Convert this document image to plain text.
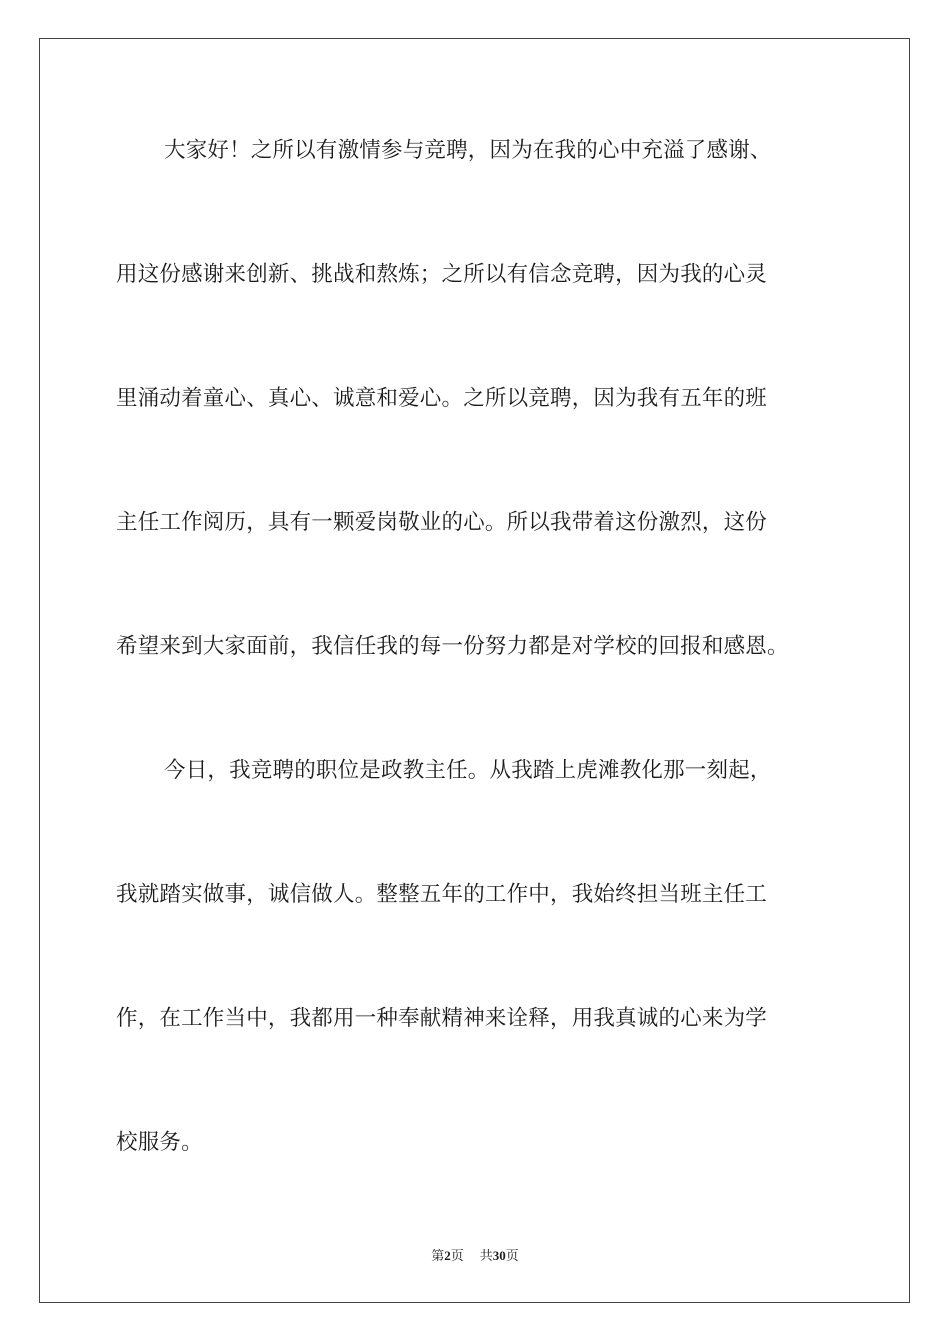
大家好！之所以有激情参与竞聘，因为在我的心中充溢了感谢、
用这份感谢来创新、挑战和熬炼；之所以有信念竞聘，因为我的心灵
里涌动着童心、真心、诚意和爱心。之所以竞聘，因为我有五年的班
主任工作阅历，具有一颗爱岗敬业的心。所以我带着这份激烈，这份
希望来到大家面前，我信任我的每一份努力都是对学校的回报和感恩。
今日，我竞聘的职位是政教主任。从我踏上虎滩教化那一刻起，
我就踏实做事，诚信做人。整整五年的工作中，我始终担当班主任工
作，在工作当中，我都用一种奉献精神来诠释，用我真诚的心来为学
校服务。
第2页 共30页
